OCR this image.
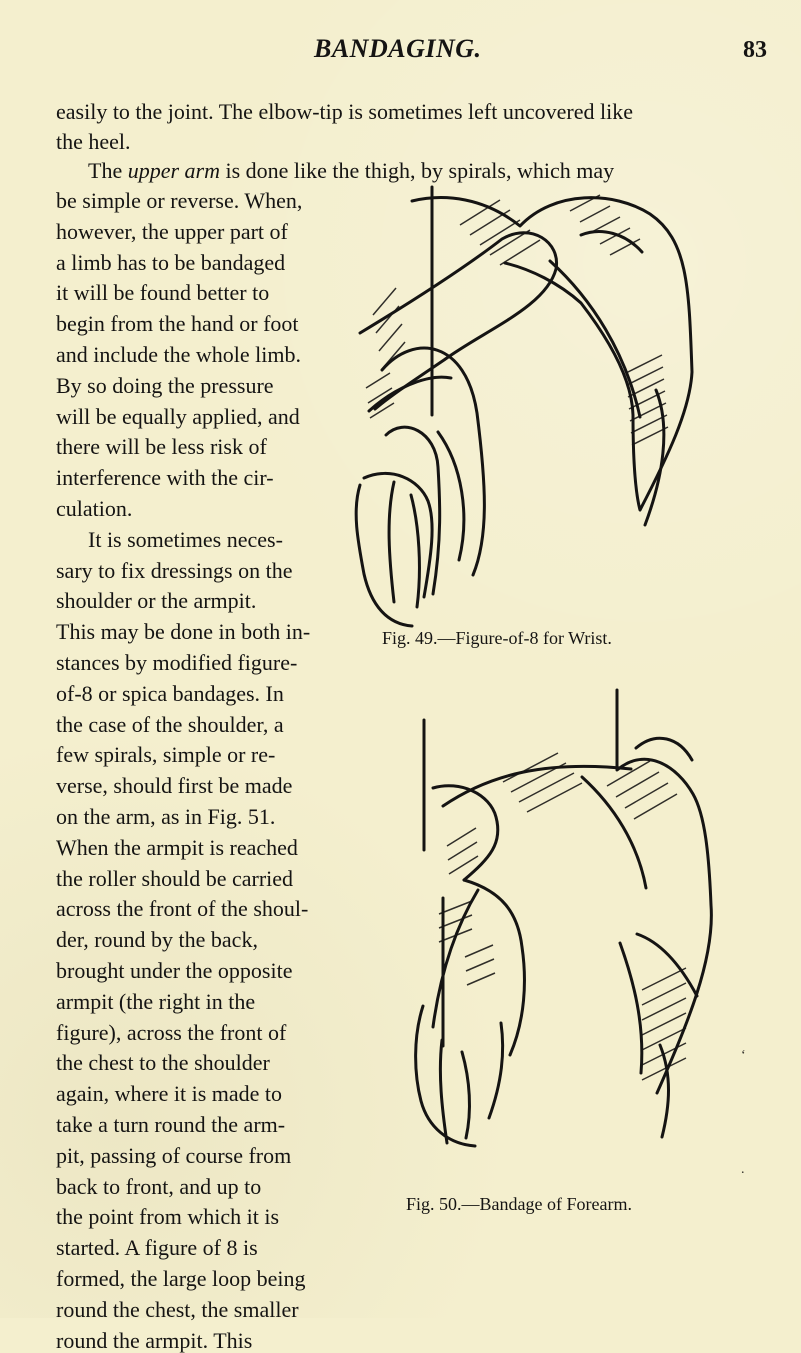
BANDAGING.	83
easily to the joint. The elbow-tip is sometimes left uncovered like
the heel.
The upper arm is done like the thigh, by spirals, which may
be simple or reverse. When,
however, the upper part of
a limb has to be bandaged
it will be found better to
begin from the hand or foot
and include the whole limb.
By so doing the pressure
will be equally applied, and
there will be less risk of
interference with the cir-
culation.
It is sometimes neces-
sary to fix dressings on the
shoulder or the armpit.
This may be done in both in-
stances by modified figure-
of-8 or spica bandages. In
the case of the shoulder, a
few spirals, simple or re-
verse, should first be made
on the arm, as in Fig. 51.
When the armpit is reached
the roller should be carried
across the front of the shoul-
der, round by the back,
brought under the opposite
armpit (the right in the
figure), across the front of
the chest to the shoulder
again, where it is made to
take a turn round the arm-
pit, passing of course from
back to front, and up to
the point from which it is
started. A figure of 8 is
formed, the large loop being
round the chest, the smaller
round the armpit. This
Fig. 49.—Figure-of-8 for Wrist.
Fig. 50.—Bandage of Forearm.
‘
.
